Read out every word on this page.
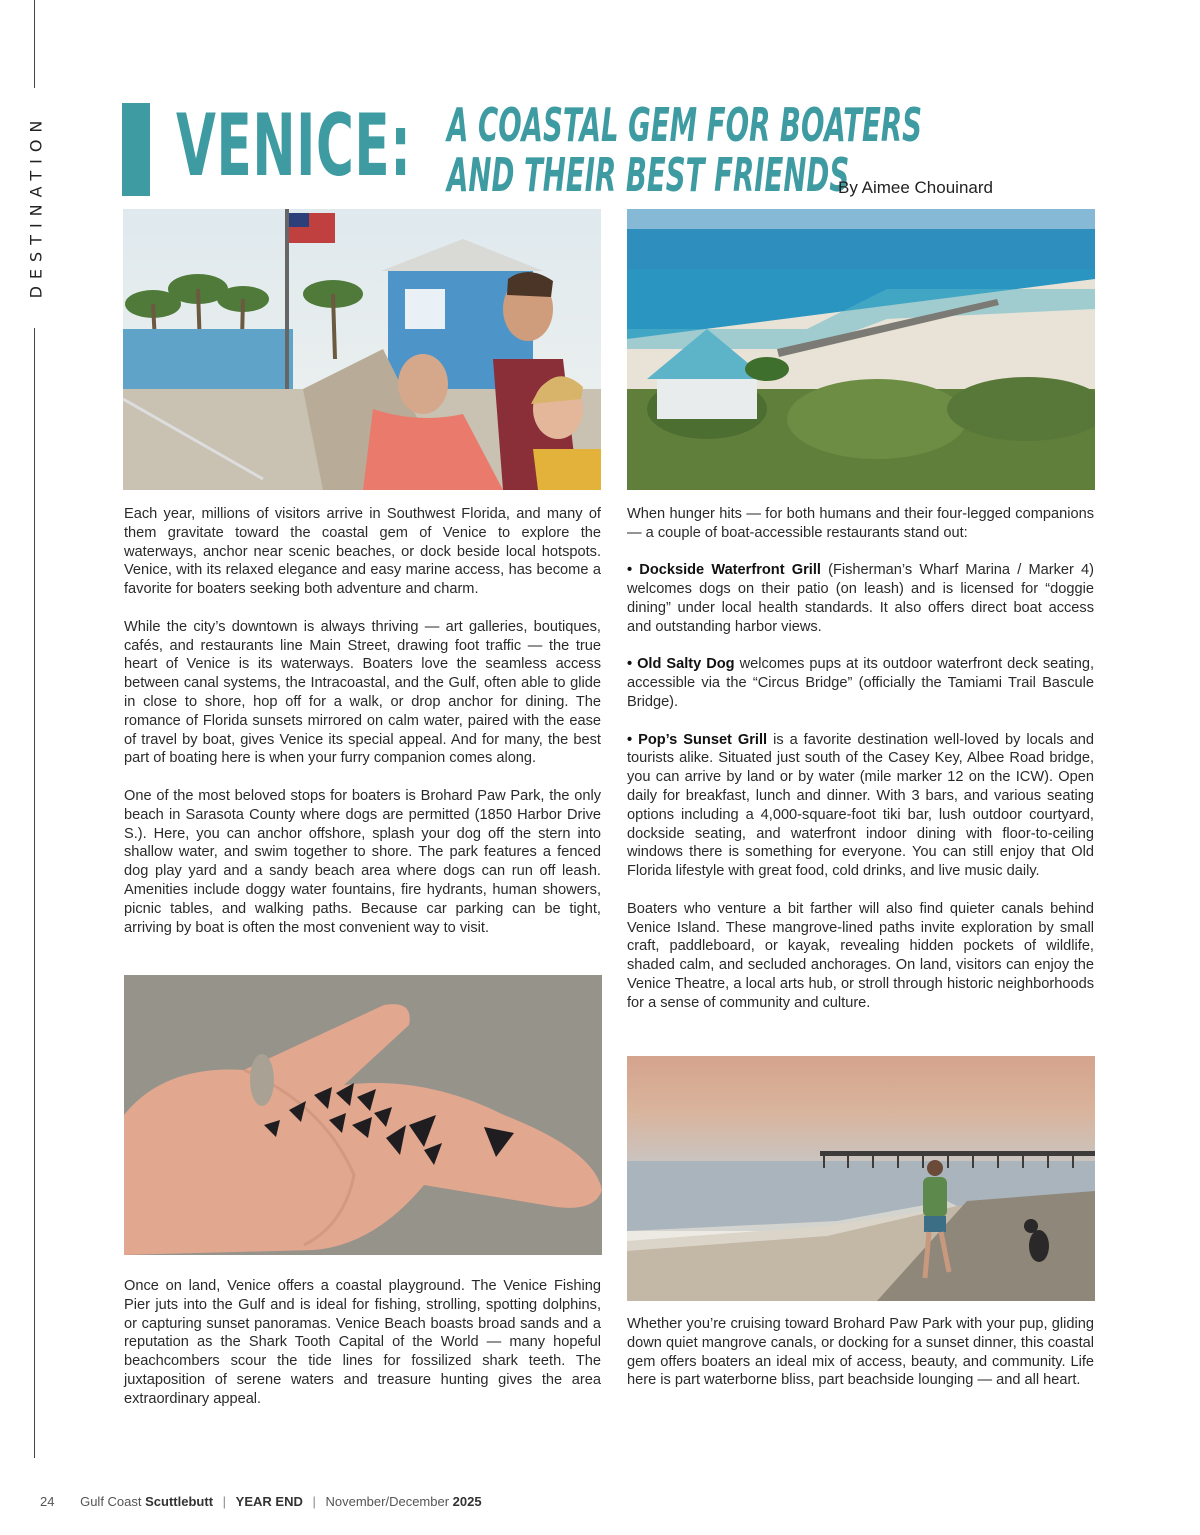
DESTINATION VENICE: A COASTAL GEM FOR BOATERS
AND THEIR BEST FRIENDS
By Aimee Chouinard

Each year, millions of visitors arrive in Southwest Florida, and many of them gravitate toward the coastal gem of Venice to explore the waterways, anchor near scenic beaches, or dock beside local hotspots. Venice, with its relaxed elegance and easy marine access, has become a favorite for boaters seeking both adventure and charm.

While the city’s downtown is always thriving — art galleries, boutiques, cafés, and restaurants line Main Street, drawing foot traffic — the true heart of Venice is its waterways. Boaters love the seamless access between canal systems, the Intracoastal, and the Gulf, often able to glide in close to shore, hop off for a walk, or drop anchor for dining. The romance of Florida sunsets mirrored on calm water, paired with the ease of travel by boat, gives Venice its special appeal. And for many, the best part of boating here is when your furry companion comes along.

One of the most beloved stops for boaters is Brohard Paw Park, the only beach in Sarasota County where dogs are permitted (1850 Harbor Drive S.). Here, you can anchor offshore, splash your dog off the stern into shallow water, and swim together to shore. The park features a fenced dog play yard and a sandy beach area where dogs can run off leash. Amenities include doggy water fountains, fire hydrants, human showers, picnic tables, and walking paths. Because car parking can be tight, arriving by boat is often the most convenient way to visit.

Once on land, Venice offers a coastal playground. The Venice Fishing Pier juts into the Gulf and is ideal for fishing, strolling, spotting dolphins, or capturing sunset panoramas. Venice Beach boasts broad sands and a reputation as the Shark Tooth Capital of the World — many hopeful beachcombers scour the tide lines for fossilized shark teeth. The juxtaposition of serene waters and treasure hunting gives the area extraordinary appeal.

When hunger hits — for both humans and their four-legged companions — a couple of boat-accessible restaurants stand out:

• Dockside Waterfront Grill (Fisherman’s Wharf Marina / Marker 4) welcomes dogs on their patio (on leash) and is licensed for “doggie dining” under local health standards. It also offers direct boat access and outstanding harbor views.

• Old Salty Dog welcomes pups at its outdoor waterfront deck seating, accessible via the “Circus Bridge” (officially the Tamiami Trail Bascule Bridge).

• Pop’s Sunset Grill is a favorite destination well-loved by locals and tourists alike. Situated just south of the Casey Key, Albee Road bridge, you can arrive by land or by water (mile marker 12 on the ICW). Open daily for breakfast, lunch and dinner. With 3 bars, and various seating options including a 4,000-square-foot tiki bar, lush outdoor courtyard, dockside seating, and waterfront indoor dining with floor-to-ceiling windows there is something for everyone. You can still enjoy that Old Florida lifestyle with great food, cold drinks, and live music daily.

Boaters who venture a bit farther will also find quieter canals behind Venice Island. These mangrove-lined paths invite exploration by small craft, paddleboard, or kayak, revealing hidden pockets of wildlife, shaded calm, and secluded anchorages. On land, visitors can enjoy the Venice Theatre, a local arts hub, or stroll through historic neighborhoods for a sense of community and culture.

Whether you’re cruising toward Brohard Paw Park with your pup, gliding down quiet mangrove canals, or docking for a sunset dinner, this coastal gem offers boaters an ideal mix of access, beauty, and community. Life here is part waterborne bliss, part beachside lounging — and all heart.

24 Gulf Coast Scuttlebutt | YEAR END | November/December 2025
